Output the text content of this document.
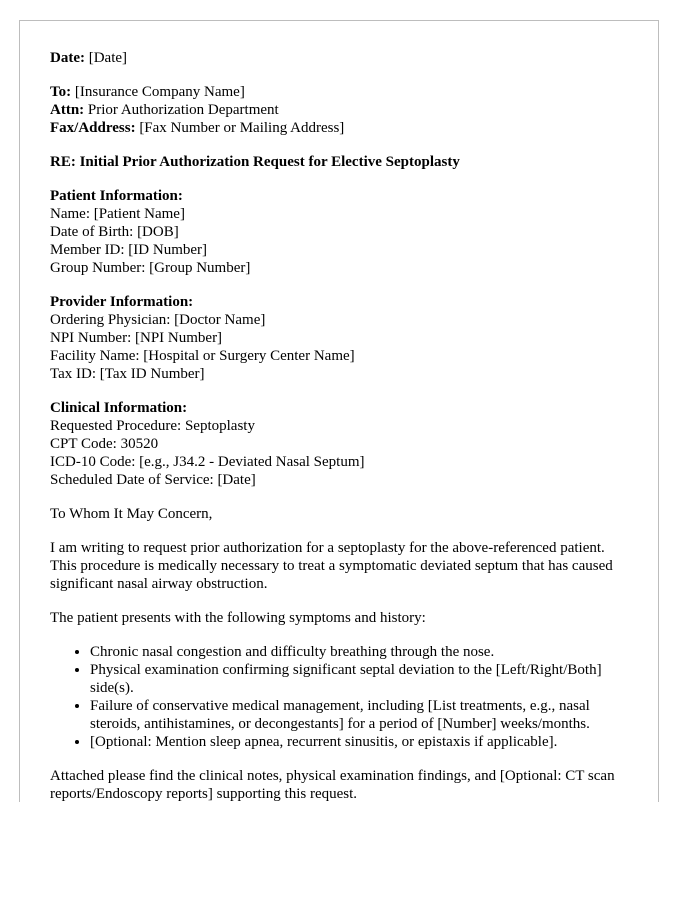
Date: [Date]
To: [Insurance Company Name]
Attn: Prior Authorization Department
Fax/Address: [Fax Number or Mailing Address]
RE: Initial Prior Authorization Request for Elective Septoplasty
Patient Information:
Name: [Patient Name]
Date of Birth: [DOB]
Member ID: [ID Number]
Group Number: [Group Number]
Provider Information:
Ordering Physician: [Doctor Name]
NPI Number: [NPI Number]
Facility Name: [Hospital or Surgery Center Name]
Tax ID: [Tax ID Number]
Clinical Information:
Requested Procedure: Septoplasty
CPT Code: 30520
ICD-10 Code: [e.g., J34.2 - Deviated Nasal Septum]
Scheduled Date of Service: [Date]

To Whom It May Concern,

I am writing to request prior authorization for a septoplasty for the above-referenced patient. This procedure is medically necessary to treat a symptomatic deviated septum that has caused significant nasal airway obstruction.

The patient presents with the following symptoms and history:

• Chronic nasal congestion and difficulty breathing through the nose.
• Physical examination confirming significant septal deviation to the [Left/Right/Both] side(s).
• Failure of conservative medical management, including [List treatments, e.g., nasal steroids, antihistamines, or decongestants] for a period of [Number] weeks/months.
• [Optional: Mention sleep apnea, recurrent sinusitis, or epistaxis if applicable].

Attached please find the clinical notes, physical examination findings, and [Optional: CT scan reports/Endoscopy reports] supporting this request.
